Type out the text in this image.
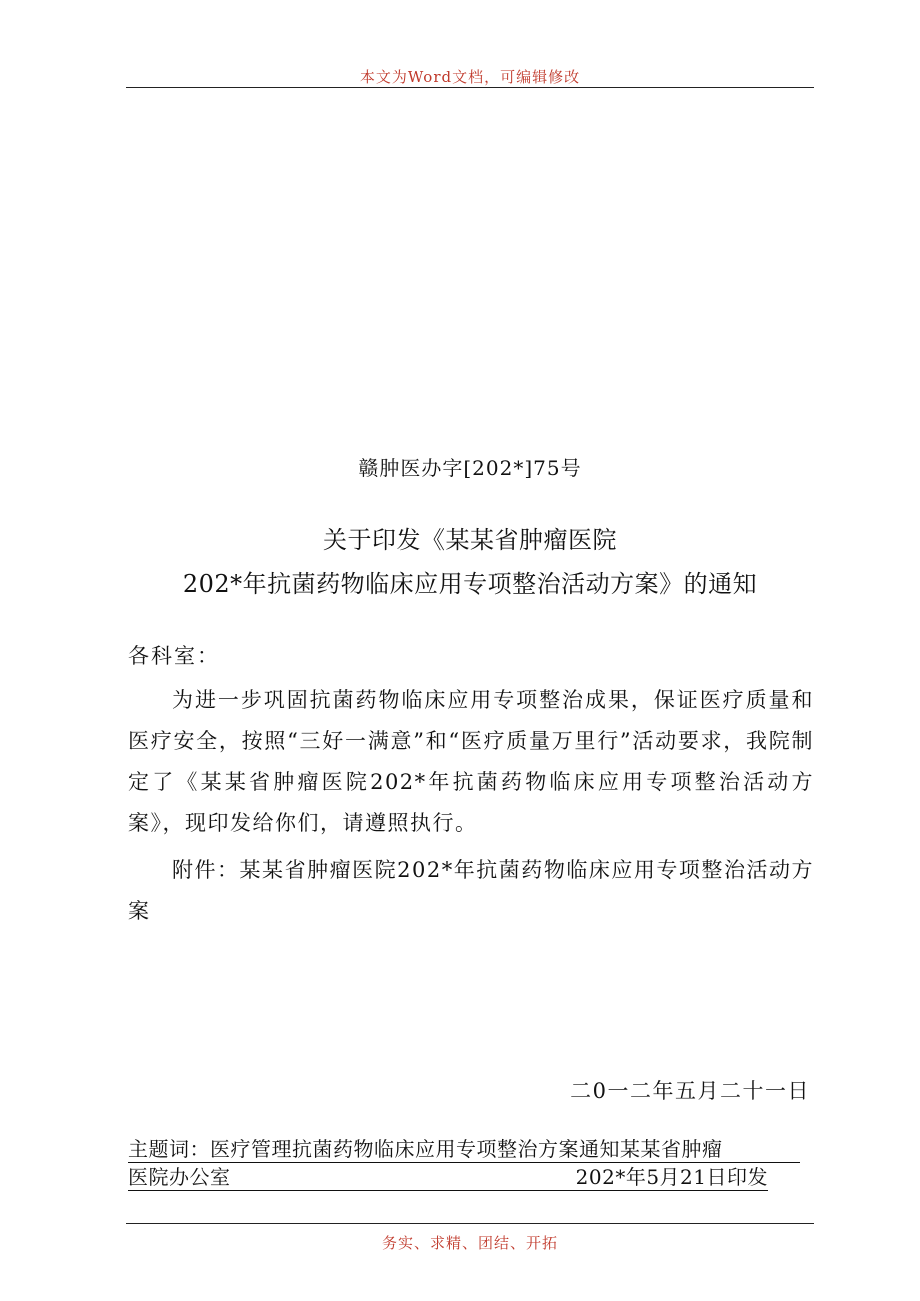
本文为Word文档，可编辑修改
赣肿医办字[202*]75号
关于印发《某某省肿瘤医院
202*年抗菌药物临床应用专项整治活动方案》的通知
各科室：
为进一步巩固抗菌药物临床应用专项整治成果，保证医疗质量和医疗安全，按照“三好一满意”和“医疗质量万里行”活动要求，我院制定了《某某省肿瘤医院202*年抗菌药物临床应用专项整治活动方案》，现印发给你们，请遵照执行。
附件：某某省肿瘤医院202*年抗菌药物临床应用专项整治活动方案
二0一二年五月二十一日
主题词：医疗管理抗菌药物临床应用专项整治方案通知某某省肿瘤
医院办公室	202*年5月21日印发
务实、求精、团结、开拓
